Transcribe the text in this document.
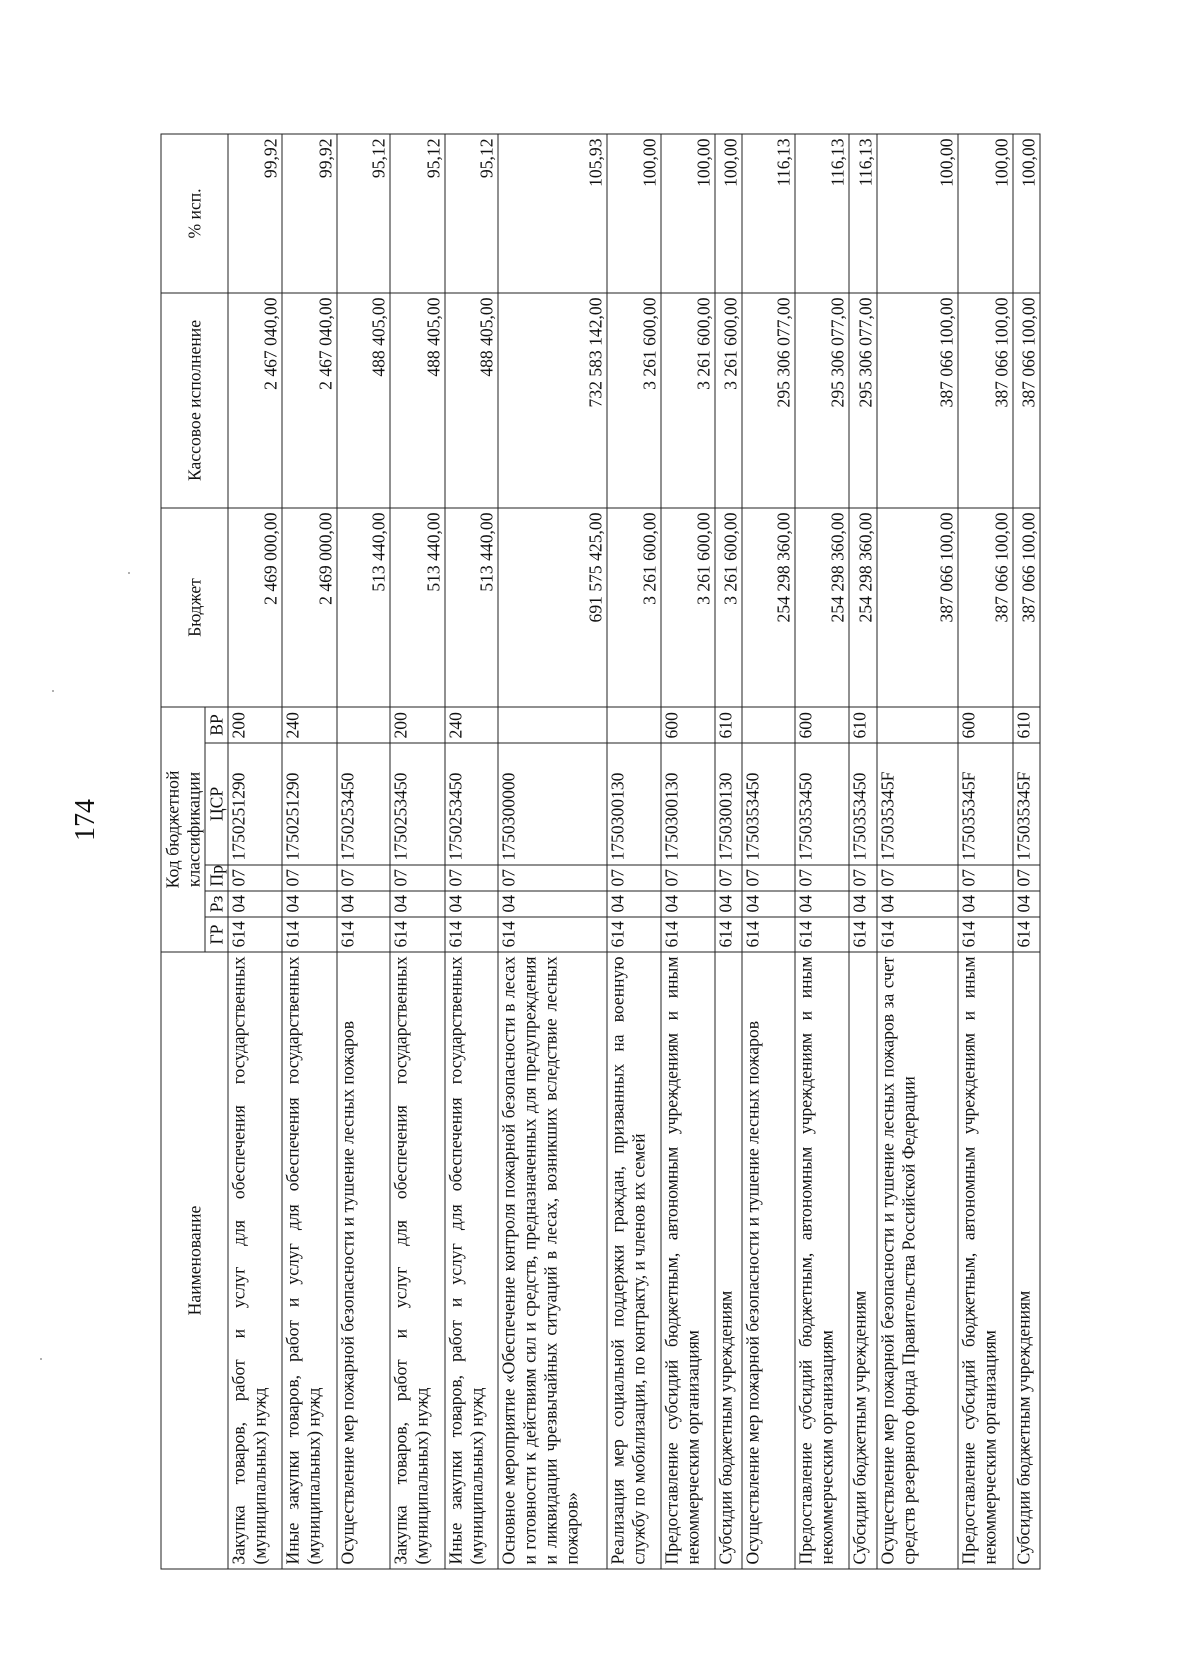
174
Наименование	Код бюджетной классификации					Бюджет	Кассовое исполнение	% исп.
	ГР	Рз	Пр	ЦСР	ВР			
Закупка товаров, работ и услуг для обеспечения государственных (муниципальных) нужд	614	04	07	1750251290	200	2 469 000,00	2 467 040,00	99,92
Иные закупки товаров, работ и услуг для обеспечения государственных (муниципальных) нужд	614	04	07	1750251290	240	2 469 000,00	2 467 040,00	99,92
Осуществление мер пожарной безопасности и тушение лесных пожаров	614	04	07	1750253450		513 440,00	488 405,00	95,12
Закупка товаров, работ и услуг для обеспечения государственных (муниципальных) нужд	614	04	07	1750253450	200	513 440,00	488 405,00	95,12
Иные закупки товаров, работ и услуг для обеспечения государственных (муниципальных) нужд	614	04	07	1750253450	240	513 440,00	488 405,00	95,12
Основное мероприятие «Обеспечение контроля пожарной безопасности в лесах и готовности к действиям сил и средств, предназначенных для предупреждения и ликвидации чрезвычайных ситуаций в лесах, возникших вследствие лесных пожаров»	614	04	07	1750300000		691 575 425,00	732 583 142,00	105,93
Реализация мер социальной поддержки граждан, призванных на военную службу по мобилизации, по контракту, и членов их семей	614	04	07	1750300130		3 261 600,00	3 261 600,00	100,00
Предоставление субсидий бюджетным, автономным учреждениям и иным некоммерческим организациям	614	04	07	1750300130	600	3 261 600,00	3 261 600,00	100,00
Субсидии бюджетным учреждениям	614	04	07	1750300130	610	3 261 600,00	3 261 600,00	100,00
Осуществление мер пожарной безопасности и тушение лесных пожаров	614	04	07	1750353450		254 298 360,00	295 306 077,00	116,13
Предоставление субсидий бюджетным, автономным учреждениям и иным некоммерческим организациям	614	04	07	1750353450	600	254 298 360,00	295 306 077,00	116,13
Субсидии бюджетным учреждениям	614	04	07	1750353450	610	254 298 360,00	295 306 077,00	116,13
Осуществление мер пожарной безопасности и тушение лесных пожаров за счет средств резервного фонда Правительства Российской Федерации	614	04	07	175035345F		387 066 100,00	387 066 100,00	100,00
Предоставление субсидий бюджетным, автономным учреждениям и иным некоммерческим организациям	614	04	07	175035345F	600	387 066 100,00	387 066 100,00	100,00
Субсидии бюджетным учреждениям	614	04	07	175035345F	610	387 066 100,00	387 066 100,00	100,00
